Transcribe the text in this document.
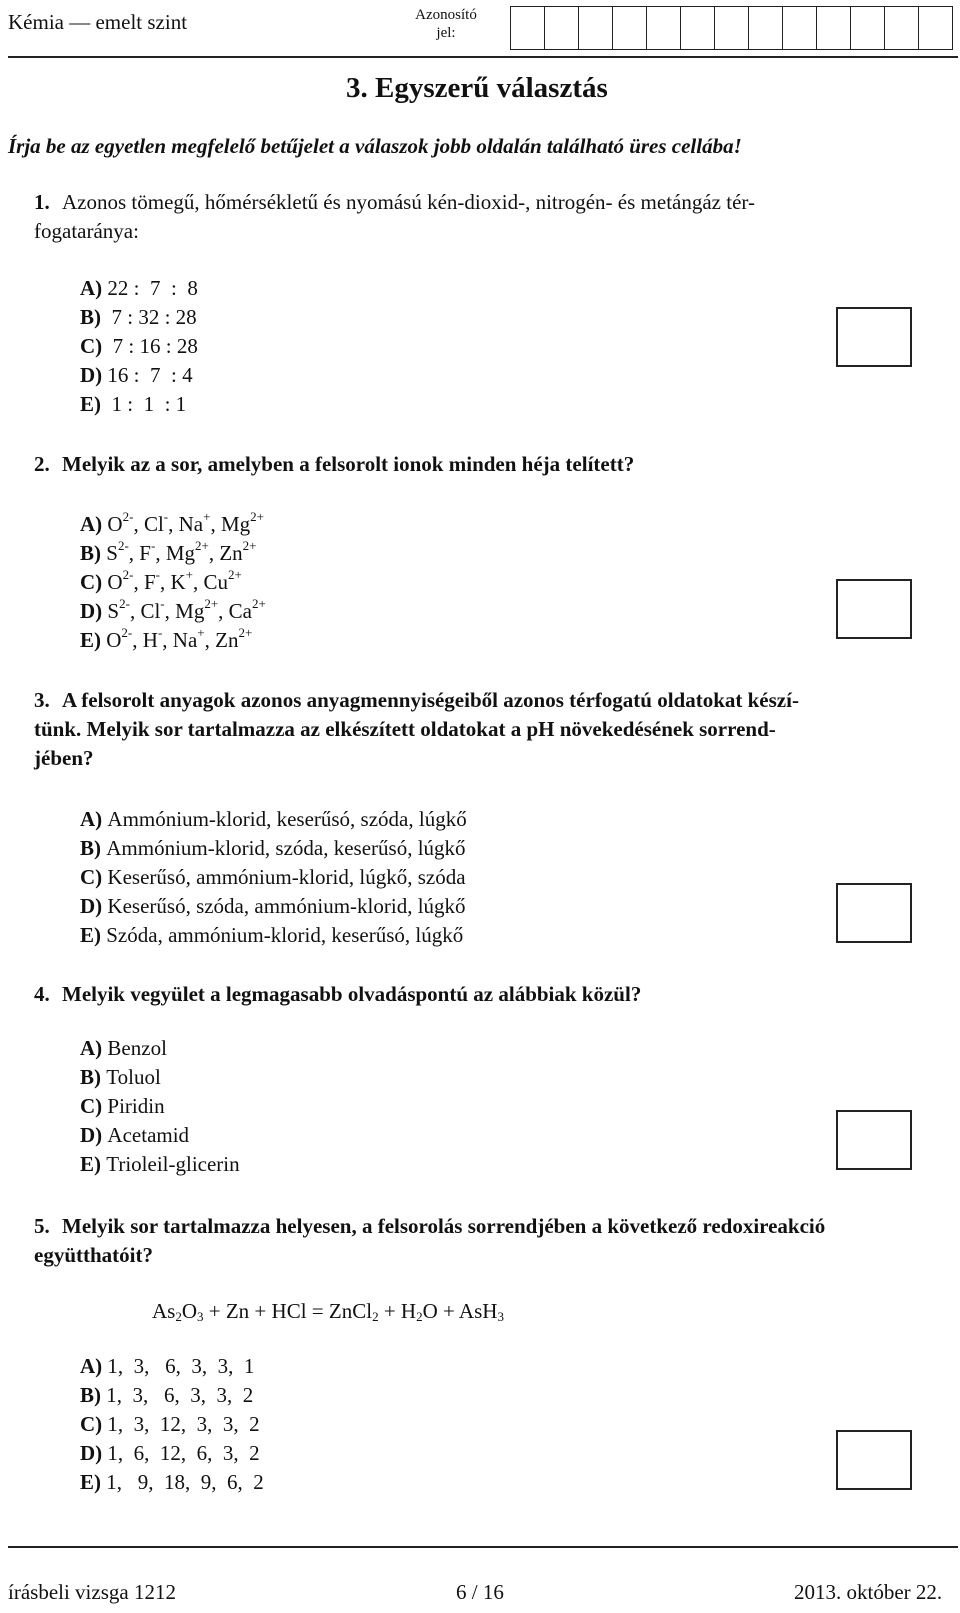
Kémia — emelt szint	Azonosító
jel:
3. Egyszerű választás
Írja be az egyetlen megfelelő betűjelet a válaszok jobb oldalán található üres cellába!
1. Azonos tömegű, hőmérsékletű és nyomású kén-dioxid-, nitrogén- és metángáz tér-
fogataránya:
A) 22 :  7  :  8
B)  7 : 32 : 28
C)  7 : 16 : 28
D) 16 :  7  : 4
E)  1 :  1  : 1
2. Melyik az a sor, amelyben a felsorolt ionok minden héja telített?
A) $O^{2-}$, Cl-, Na+, $Mg^{2+}$
B) $S^{2-}$, F-, $Mg^{2+}$, $Zn^{2+}$
C) $O^{2-}$, F-, K+, $Cu^{2+}$
D) $S^{2-}$, Cl-, $Mg^{2+}$, $Ca^{2+}$
E) $O^{2-}$, H-, Na+, $Zn^{2+}$
3. A felsorolt anyagok azonos anyagmennyiségeiből azonos térfogatú oldatokat készí-
tünk. Melyik sor tartalmazza az elkészített oldatokat a pH növekedésének sorrend-
jében?
A) Ammónium-klorid, keserűsó, szóda, lúgkő
B) Ammónium-klorid, szóda, keserűsó, lúgkő
C) Keserűsó, ammónium-klorid, lúgkő, szóda
D) Keserűsó, szóda, ammónium-klorid, lúgkő
E) Szóda, ammónium-klorid, keserűsó, lúgkő
4. Melyik vegyület a legmagasabb olvadáspontú az alábbiak közül?
A) Benzol
B) Toluol
C) Piridin
D) Acetamid
E) Trioleil-glicerin
5. Melyik sor tartalmazza helyesen, a felsorolás sorrendjében a következő redoxireakció
együtthatóit?
$As_2O_3 + Zn$ + HCl = ZnCl$_2$ + $H_2O + AsH_3$
A) 1,  3,   6,  3,  3,  1
B) 1,  3,   6,  3,  3,  2
C) 1,  3,  12,  3,  3,  2
D) 1,  6,  12,  6,  3,  2
E) 1,   9,  18,  9,  6,  2
írásbeli vizsga 1212	6 / 16	2013. október 22.
